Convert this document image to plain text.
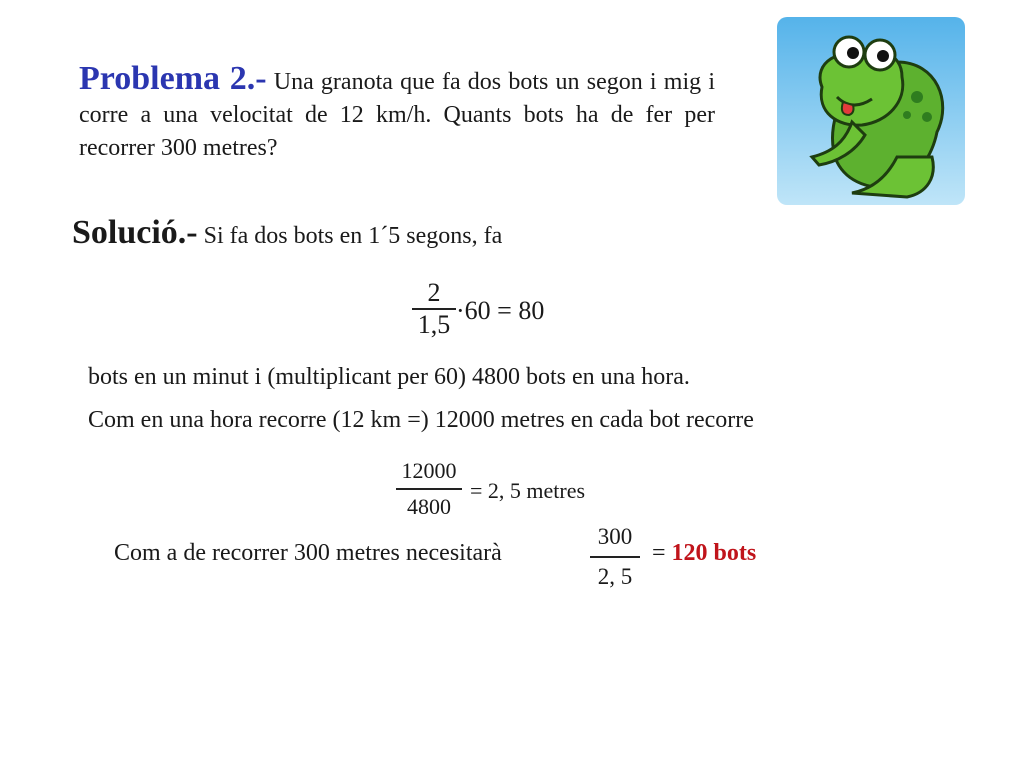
Problema 2.- Una granota que fa dos bots un segon i mig i corre a una velocitat de 12 km/h. Quants bots ha de fer per recorrer 300 metres?
Solució.- Si fa dos bots en 1´5 segons, fa
2
1,5 ·60 = 80
bots en un minut i (multiplicant per 60) 4800 bots en una hora.
Com en una hora recorre (12 km =) 12000 metres en cada bot recorre
12000
4800
= 2, 5 metres
Com a de recorrer 300 metres necesitarà
300
2, 5
= 120 bots
